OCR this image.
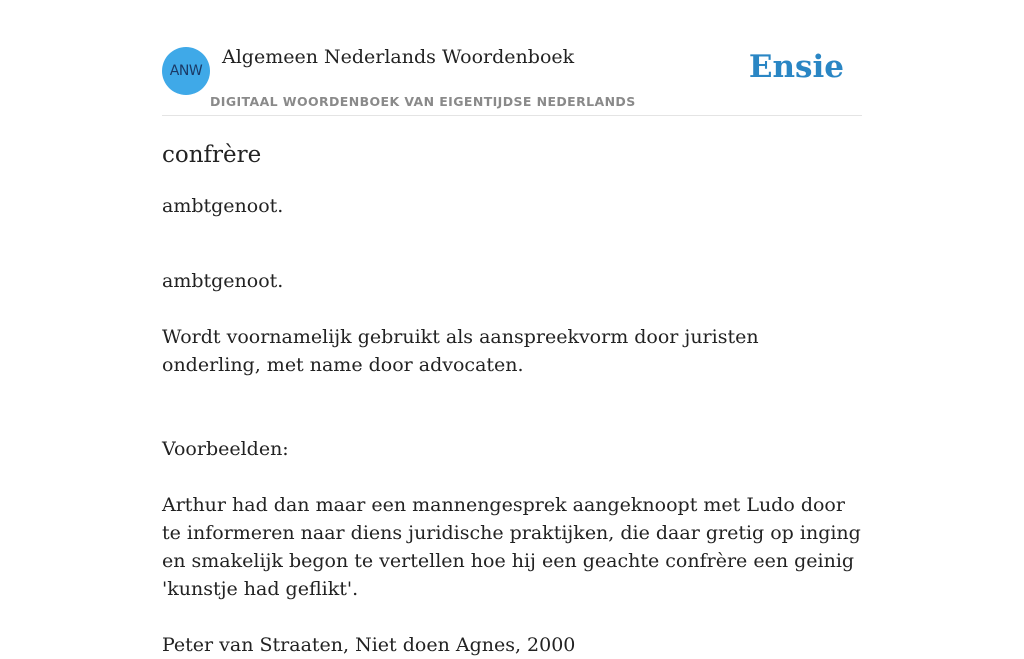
ANW
Algemeen Nederlands Woordenboek
DIGITAAL WOORDENBOEK VAN EIGENTIJDSE NEDERLANDS
Ensie
confrère

ambtgenoot.

ambtgenoot.

Wordt voornamelijk gebruikt als aanspreekvorm door juristen onderling, met name door advocaten.

Voorbeelden:

Arthur had dan maar een mannengesprek aangeknoopt met Ludo door te informeren naar diens juridische praktijken, die daar gretig op inging en smakelijk begon te vertellen hoe hij een geachte confrère een geinig 'kunstje had geflikt'.

Peter van Straaten, Niet doen Agnes, 2000
